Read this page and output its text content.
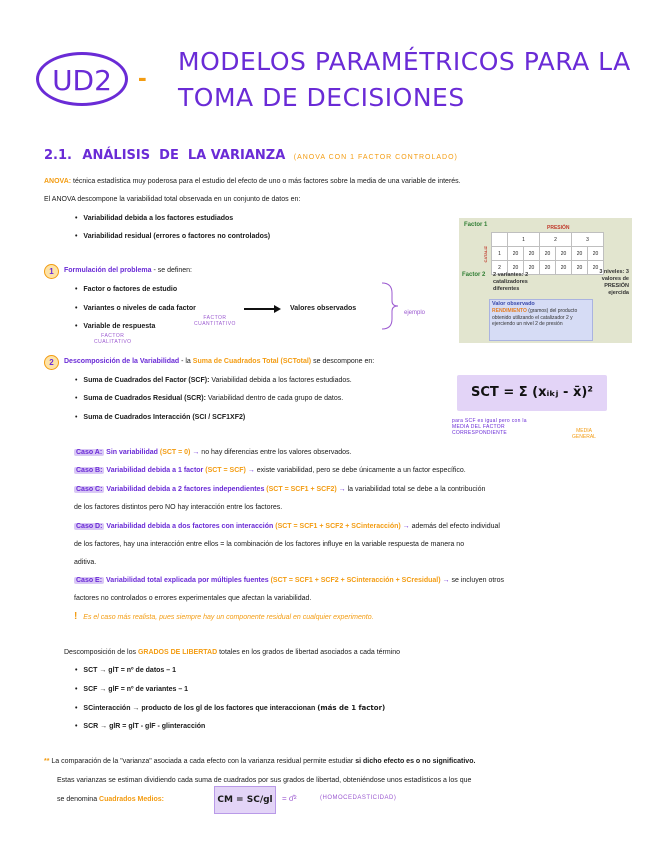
UD2	-
MODELOS PARAMÉTRICOS PARA LA
TOMA DE DECISIONES
2.1. ANÁLISIS  DE  LA VARIANZA (ANOVA CON 1 FACTOR CONTROLADO)
ANOVA: técnica estadística muy poderosa para el estudio del efecto de uno o más factores sobre la media de una variable de interés.
El ANOVA descompone la variabilidad total observada en un conjunto de datos en:
• Variabilidad debida a los factores estudiados
• Variabilidad residual (errores o factores no controlados)
1	Formulación del problema - se definen:
• Factor o factores de estudio
• Variantes o niveles de cada factor
• Variable de respuesta
FACTOR
CUANTITATIVO
FACTOR
CUALITATIVO
Valores observados
ejemplo
Factor 1	PRESIÓN
CATALIZ
	1		2		3	
1	20	20	20	20	20	20
2	20	20	20	20	20	20
Factor 2 2 variantes: 2 catalizadores diferentes
3 niveles: 3 valores de PRESIÓN ejercida
Valor observado
RENDIMIENTO (gramos) del producto obtenido utilizando el catalizador 2 y ejerciendo un nivel 2 de presión
2	Descomposición de la Variabilidad - la Suma de Cuadrados Total (SCTotal) se descompone en:
• Suma de Cuadrados del Factor (SCF): Variabilidad debida a los factores estudiados.
• Suma de Cuadrados Residual (SCR): Variabilidad dentro de cada grupo de datos.
• Suma de Cuadrados Interacción (SCI / SCF1XF2)
SCT = Σ (xᵢₖⱼ - x̄)²
para SCF es igual pero con la MEDIA DEL FACTOR CORRESPONDIENTE	MEDIA GENERAL
Caso A: Sin variabilidad (SCT = 0) → no hay diferencias entre los valores observados.
Caso B: Variabilidad debida a 1 factor (SCT = SCF) → existe variabilidad, pero se debe únicamente a un factor específico.
Caso C: Variabilidad debida a 2 factores independientes (SCT = SCF1 + SCF2) → la variabilidad total se debe a la contribución
de los factores distintos pero NO hay interacción entre los factores.
Caso D: Variabilidad debida a dos factores con interacción (SCT = SCF1 + SCF2 + SCinteracción) → además del efecto individual
de los factores, hay una interacción entre ellos = la combinación de los factores influye en la variable respuesta de manera no
aditiva.
Caso E: Variabilidad total explicada por múltiples fuentes (SCT = SCF1 + SCF2 + SCinteracción + SCresidual) → se incluyen otros
factores no controlados o errores experimentales que afectan la variabilidad.
! Es el caso más realista, pues siempre hay un componente residual en cualquier experimento.
Descomposición de los GRADOS DE LIBERTAD totales en los grados de libertad asociados a cada término
• SCT → glT = nº de datos – 1
• SCF → glF = nº de variantes – 1
• SCinteracción → producto de los gl de los factores que interaccionan (más de 1 factor)
• SCR → glR = glT - glF - glinteracción
** La comparación de la "varianza" asociada a cada efecto con la varianza residual permite estudiar si dicho efecto es o no significativo.
Estas varianzas se estiman dividiendo cada suma de cuadrados por sus grados de libertad, obteniéndose unos estadísticos a los que
se denomina Cuadrados Medios:	CM = SC/gl = σ̂²	(HOMOCEDASTICIDAD)
